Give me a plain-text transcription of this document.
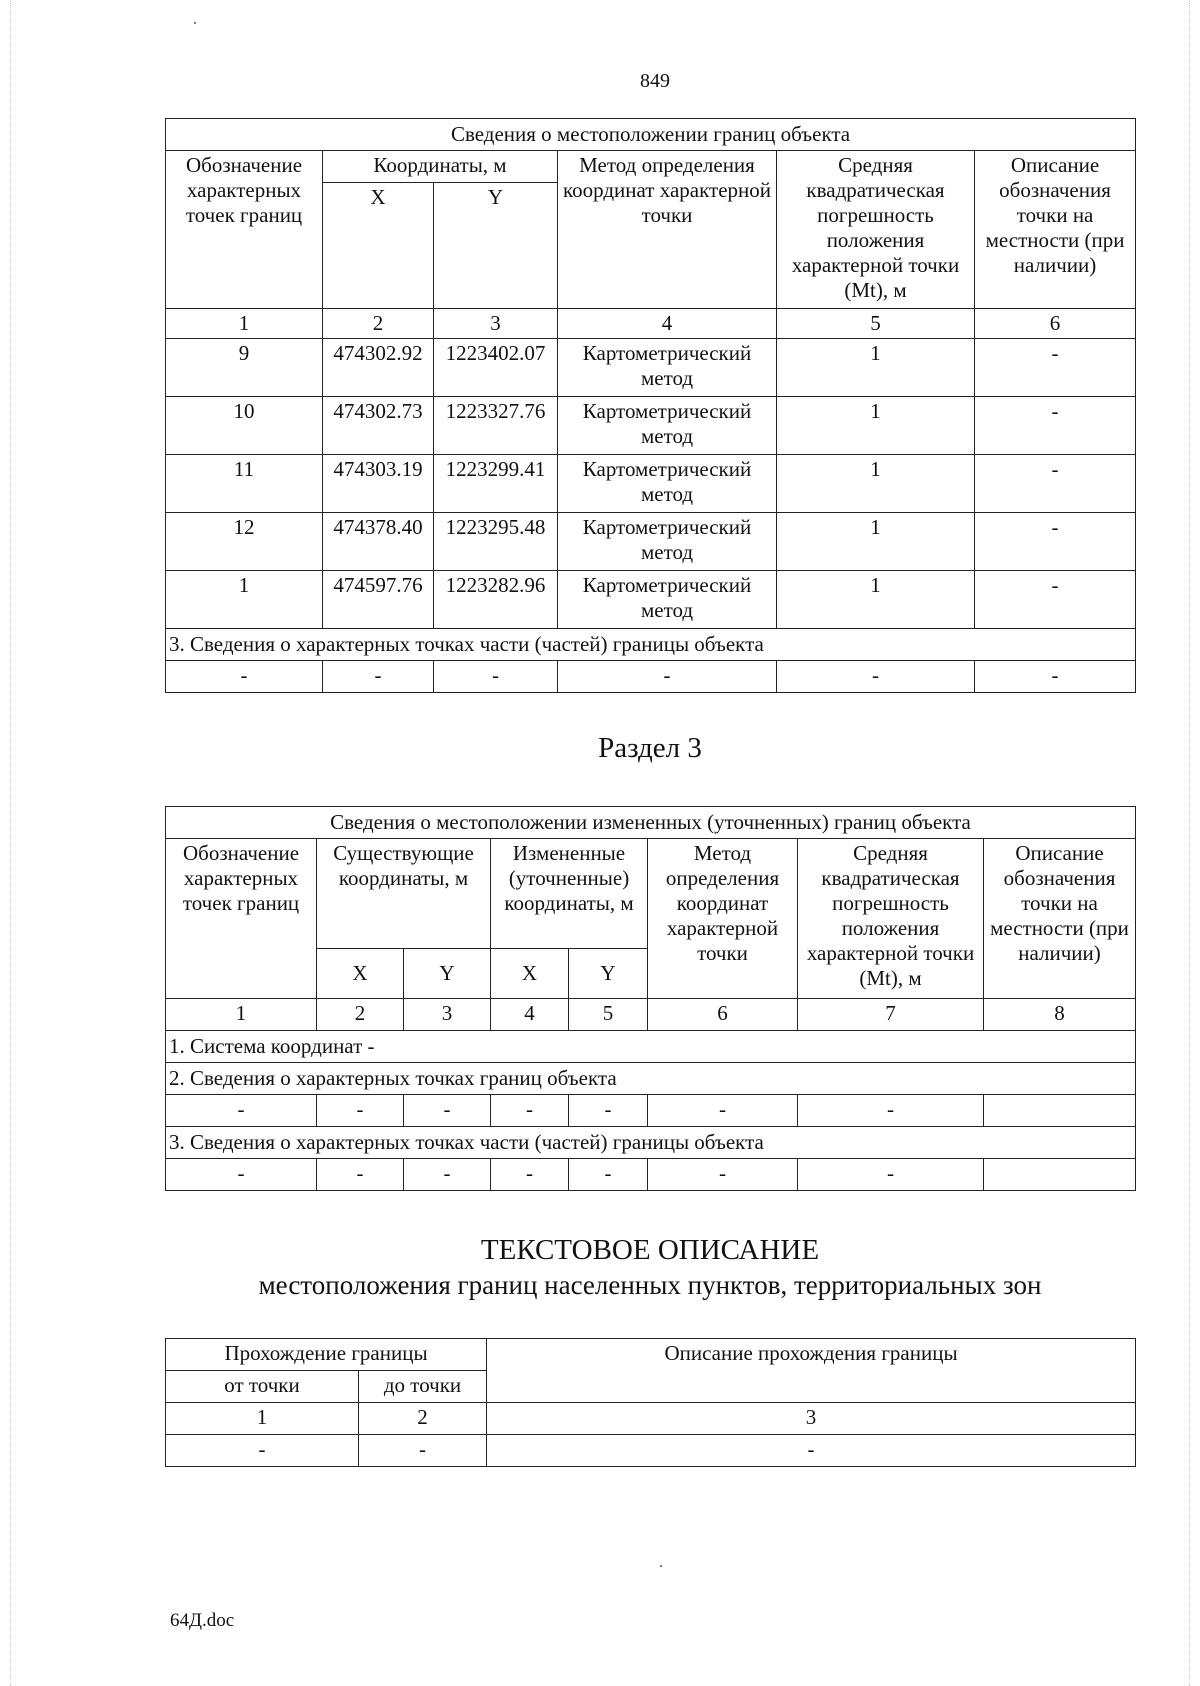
849
Сведения о местоположении границ объекта					
Обозначение характерных точек границ	Координаты, м		Метод определения координат характерной точки	Средняя квадратическая погрешность положения характерной точки (Mt), м	Описание обозначения точки на местности (при наличии)
	X	Y			
1	2	3	4	5	6
9	474302.92	1223402.07	Картометрический метод	1	-
10	474302.73	1223327.76	Картометрический метод	1	-
11	474303.19	1223299.41	Картометрический метод	1	-
12	474378.40	1223295.48	Картометрический метод	1	-
1	474597.76	1223282.96	Картометрический метод	1	-
3. Сведения о характерных точках части (частей) границы объекта					
-	-	-	-	-	-
Раздел 3
Сведения о местоположении измененных (уточненных) границ объекта							
Обозначение характерных точек границ	Существующие координаты, м		Измененные (уточненные) координаты, м		Метод определения координат характерной точки	Средняя квадратическая погрешность положения характерной точки (Mt), м	Описание обозначения точки на местности (при наличии)
	X	Y	X	Y			
1	2	3	4	5	6	7	8
1. Система координат -							
2. Сведения о характерных точках границ объекта							
-	-	-	-	-	-	-	
3. Сведения о характерных точках части (частей) границы объекта							
-	-	-	-	-	-	-	
ТЕКСТОВОЕ ОПИСАНИЕ
местоположения границ населенных пунктов, территориальных зон
Прохождение границы		Описание прохождения границы
от точки	до точки	
1	2	3
-	-	-
64Д.doc
